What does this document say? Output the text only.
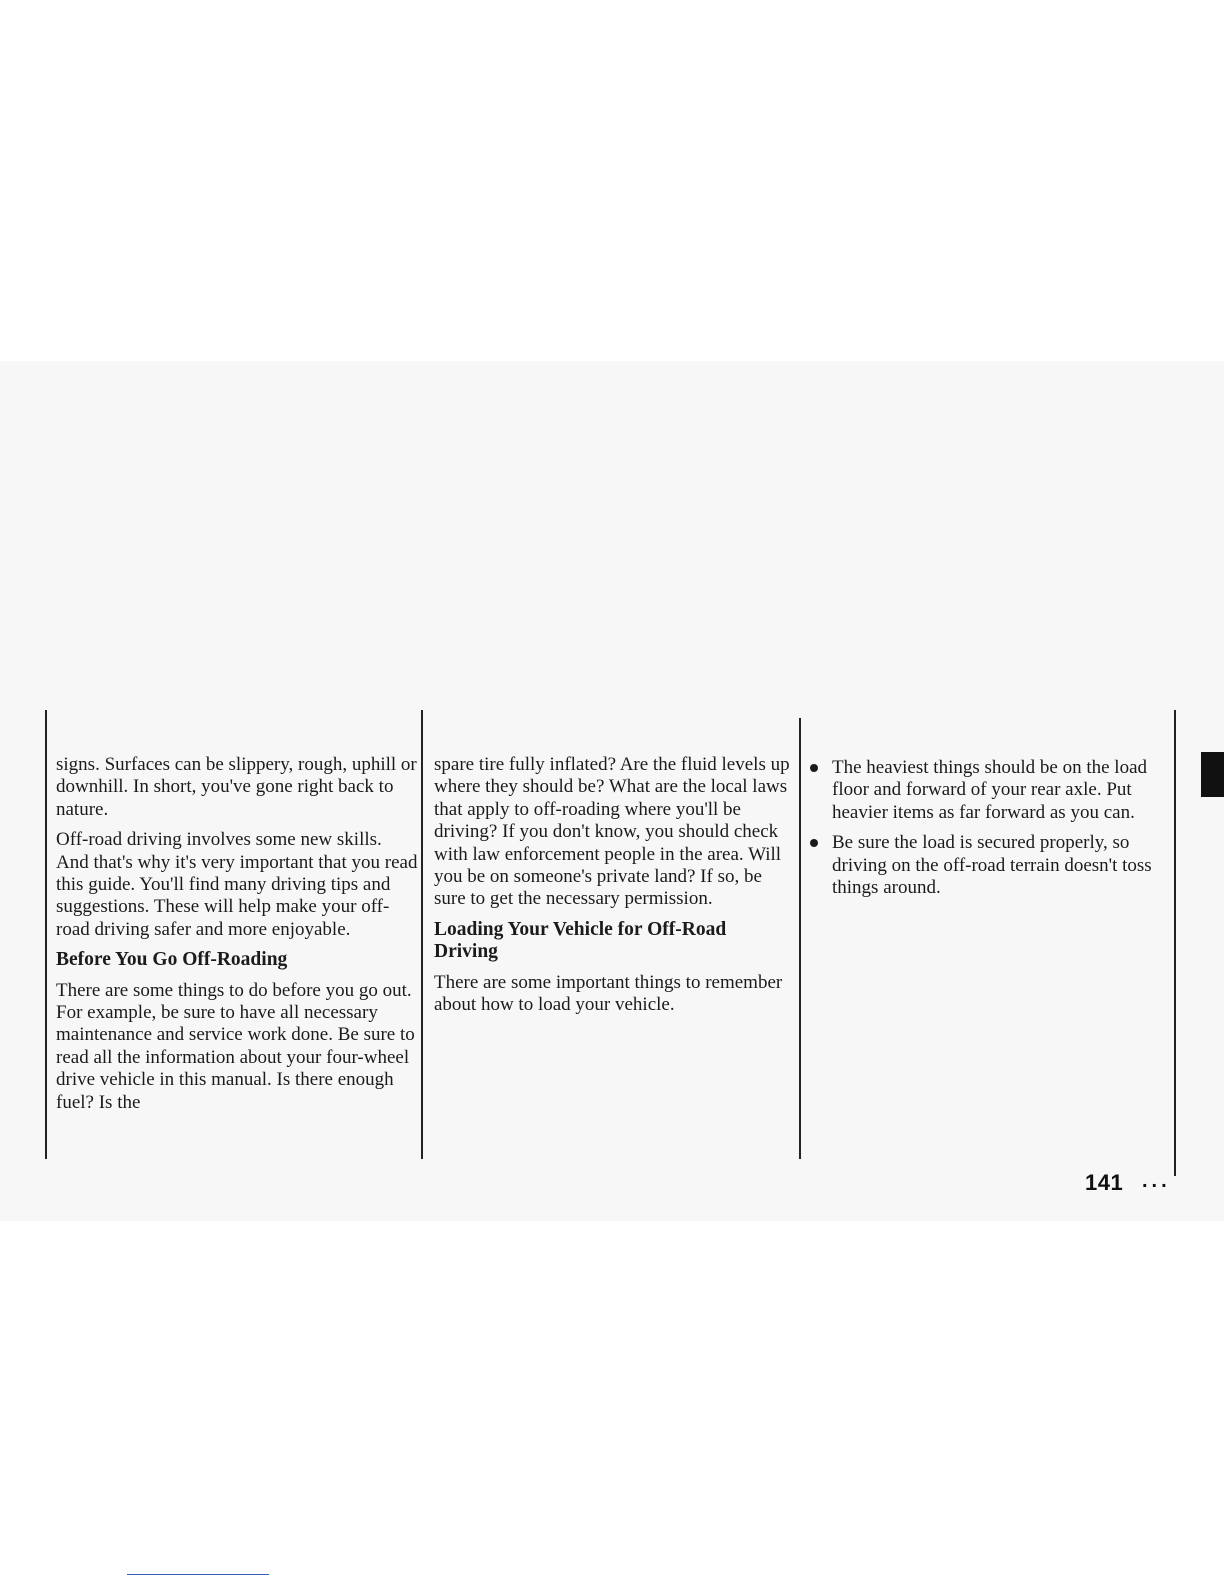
signs. Surfaces can be slippery, rough, uphill or downhill. In short, you've gone right back to nature.

Off-road driving involves some new skills. And that's why it's very important that you read this guide. You'll find many driving tips and suggestions. These will help make your off-road driving safer and more enjoyable.

Before You Go Off-Roading

There are some things to do before you go out. For example, be sure to have all necessary maintenance and service work done. Be sure to read all the information about your four-wheel drive vehicle in this manual. Is there enough fuel? Is the

spare tire fully inflated? Are the fluid levels up where they should be? What are the local laws that apply to off-roading where you'll be driving? If you don't know, you should check with law enforcement people in the area. Will you be on someone's private land? If so, be sure to get the necessary permission.

Loading Your Vehicle for Off-Road Driving

There are some important things to remember about how to load your vehicle.

The heaviest things should be on the load floor and forward of your rear axle. Put heavier items as far forward as you can.
Be sure the load is secured properly, so driving on the off-road terrain doesn't toss things around.
141 ...
